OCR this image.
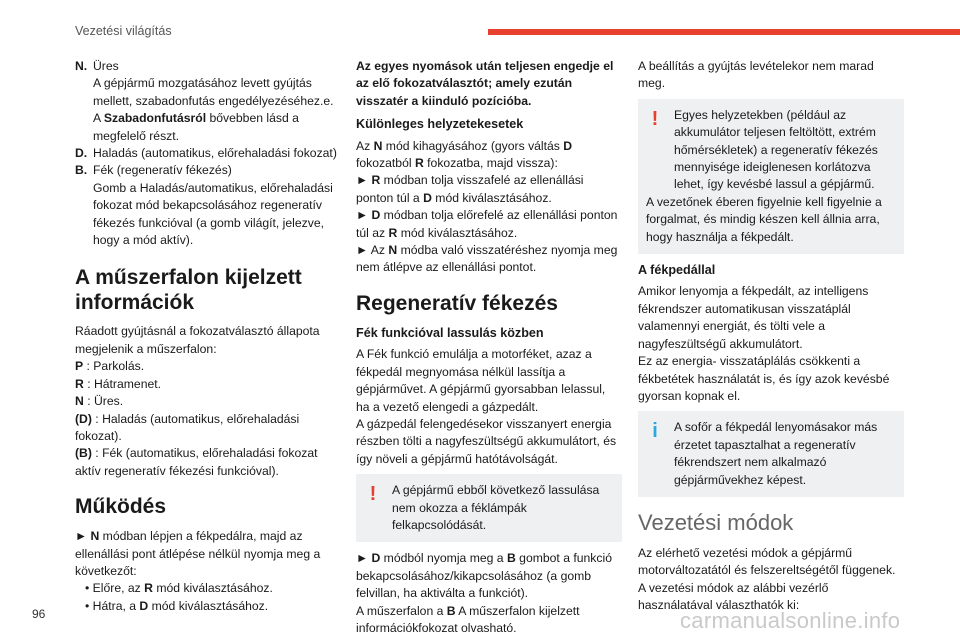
Vezetési világítás
N. Üres
A gépjármű mozgatásához levett gyújtás mellett, szabadonfutás engedélyezéséhez.e.
A Szabadonfutásról bővebben lásd a megfelelő részt.
D. Haladás (automatikus, előrehaladási fokozat)
B. Fék (regeneratív fékezés)
Gomb a Haladás/automatikus, előrehaladási fokozat mód bekapcsolásához regeneratív fékezés funkcióval (a gomb világít, jelezve, hogy a mód aktív).
A műszerfalon kijelzett információk
Ráadott gyújtásnál a fokozatválasztó állapota megjelenik a műszerfalon:
P : Parkolás.
R : Hátramenet.
N : Üres.
(D) : Haladás (automatikus, előrehaladási fokozat).
(B) : Fék (automatikus, előrehaladási fokozat aktív regeneratív fékezési funkcióval).
Működés
► N módban lépjen a fékpedálra, majd az ellenállási pont átlépése nélkül nyomja meg a következőt:
• Előre, az R mód kiválasztásához.
• Hátra, a D mód kiválasztásához.
Az egyes nyomások után teljesen engedje el az elő fokozatválasztót; amely ezután visszatér a kiinduló pozícióba.
Különleges helyzetekesetek
Az N mód kihagyásához (gyors váltás D fokozatból R fokozatba, majd vissza):
► R módban tolja visszafelé az ellenállási ponton túl a D mód kiválasztásához.
► D módban tolja előrefelé az ellenállási ponton túl az R mód kiválasztásához.
► Az N módba való visszatéréshez nyomja meg nem átlépve az ellenállási pontot.
Regeneratív fékezés
Fék funkcióval lassulás közben
A Fék funkció emulálja a motorféket, azaz a fékpedál megnyomása nélkül lassítja a gépjárművet. A gépjármű gyorsabban lelassul, ha a vezető elengedi a gázpedált.
A gázpedál felengedésekor visszanyert energia részben tölti a nagyfeszültségű akkumulátort, és így növeli a gépjármű hatótávolságát.
!	A gépjármű ebből következő lassulása nem okozza a féklámpák felkapcsolódását.
► D módból nyomja meg a B gombot a funkció bekapcsolásához/kikapcsolásához (a gomb felvillan, ha aktiválta a funkciót).
A műszerfalon a B A műszerfalon kijelzett információkfokozat olvasható.
A beállítás a gyújtás levételekor nem marad meg.
!	Egyes helyzetekben (például az akkumulátor teljesen feltöltött, extrém hőmérsékletek) a regeneratív fékezés mennyisége ideiglenesen korlátozva lehet, így kevésbé lassul a gépjármű.
A vezetőnek éberen figyelnie kell figyelnie a forgalmat, és mindig készen kell állnia arra, hogy használja a fékpedált.
A fékpedállal
Amikor lenyomja a fékpedált, az intelligens fékrendszer automatikusan visszatáplál valamennyi energiát, és tölti vele a nagyfeszültségű akkumulátort.
Ez az energia- visszatáplálás csökkenti a fékbetétek használatát is, és így azok kevésbé gyorsan kopnak el.
i	A sofőr a fékpedál lenyomásakor más érzetet tapasztalhat a regeneratív fékrendszert nem alkalmazó gépjárművekhez képest.
Vezetési módok
Az elérhető vezetési módok a gépjármű motorváltozatától és felszereltségétől függenek.
A vezetési módok az alábbi vezérlő használatával választhatók ki:
96	carmanualsonline.info
